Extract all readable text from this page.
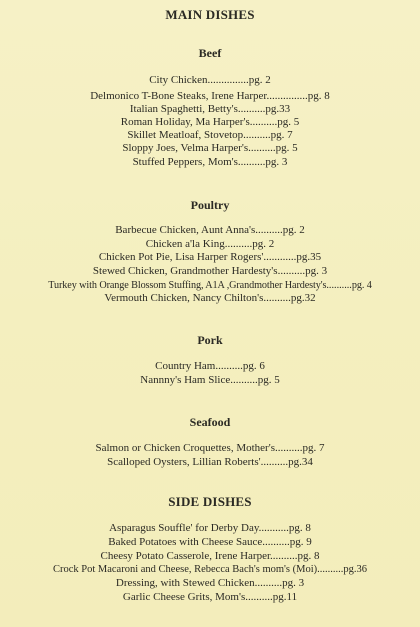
MAIN DISHES
Beef
City Chicken...............pg. 2
Delmonico T-Bone Steaks, Irene Harper...............pg. 8
Italian Spaghetti, Betty's..........pg.33
Roman Holiday, Ma Harper's..........pg. 5
Skillet Meatloaf, Stovetop..........pg. 7
Sloppy Joes, Velma Harper's..........pg. 5
Stuffed Peppers, Mom's..........pg. 3
Poultry
Barbecue Chicken, Aunt Anna's..........pg. 2
Chicken a'la King..........pg. 2
Chicken Pot Pie, Lisa Harper Rogers'............pg.35
Stewed Chicken, Grandmother Hardesty's..........pg. 3
Turkey with Orange Blossom Stuffing, A1A ,Grandmother Hardesty's..........pg. 4
Vermouth Chicken, Nancy Chilton's..........pg.32
Pork
Country Ham..........pg. 6
Nannny's Ham Slice..........pg. 5
Seafood
Salmon or Chicken Croquettes, Mother's..........pg. 7
Scalloped Oysters, Lillian Roberts'..........pg.34
SIDE DISHES
Asparagus Souffle' for Derby Day...........pg. 8
Baked Potatoes with Cheese Sauce..........pg. 9
Cheesy Potato Casserole, Irene Harper..........pg. 8
Crock Pot Macaroni and Cheese, Rebecca Bach's mom's (Moi)..........pg.36
Dressing, with Stewed Chicken..........pg. 3
Garlic Cheese Grits, Mom's..........pg.11
